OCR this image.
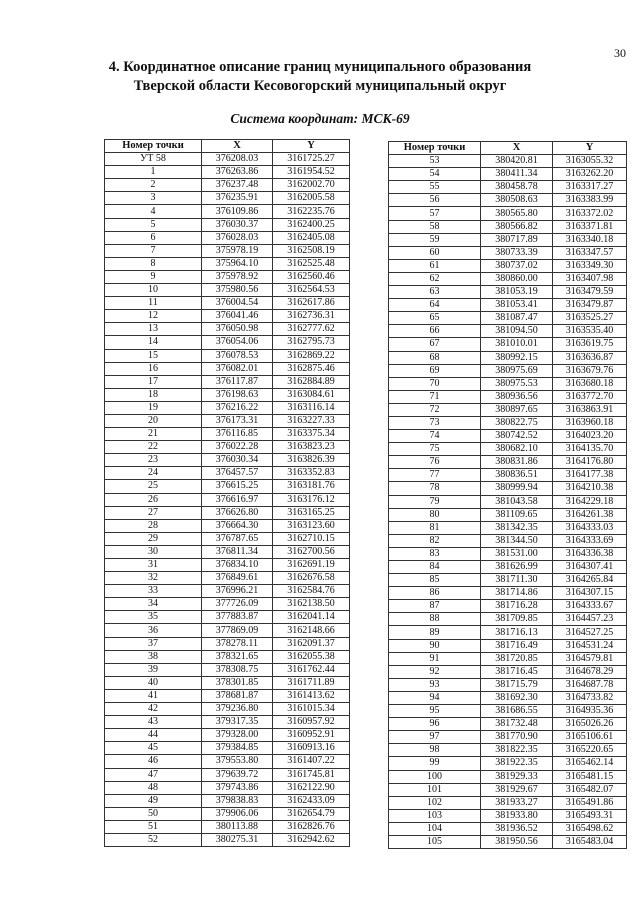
30
4. Координатное описание границ муниципального образования
Тверской области Кесовогорский муниципальный округ
Система координат: МСК-69
Номер точки	X	Y
УТ 58	376208.03	3161725.27
1	376263.86	3161954.52
2	376237.48	3162002.70
3	376235.91	3162005.58
4	376109.86	3162235.76
5	376030.37	3162400.25
6	376028.03	3162405.08
7	375978.19	3162508.19
8	375964.10	3162525.48
9	375978.92	3162560.46
10	375980.56	3162564.53
11	376004.54	3162617.86
12	376041.46	3162736.31
13	376050.98	3162777.62
14	376054.06	3162795.73
15	376078.53	3162869.22
16	376082.01	3162875.46
17	376117.87	3162884.89
18	376198.63	3163084.61
19	376216.22	3163116.14
20	376173.31	3163227.33
21	376116.85	3163375.34
22	376022.28	3163823.23
23	376030.34	3163826.39
24	376457.57	3163352.83
25	376615.25	3163181.76
26	376616.97	3163176.12
27	376626.80	3163165.25
28	376664.30	3163123.60
29	376787.65	3162710.15
30	376811.34	3162700.56
31	376834.10	3162691.19
32	376849.61	3162676.58
33	376996.21	3162584.76
34	377726.09	3162138.50
35	377883.87	3162041.14
36	377869.09	3162148.66
37	378278.11	3162091.37
38	378321.65	3162055.38
39	378308.75	3161762.44
40	378301.85	3161711.89
41	378681.87	3161413.62
42	379236.80	3161015.34
43	379317.35	3160957.92
44	379328.00	3160952.91
45	379384.85	3160913.16
46	379553.80	3161407.22
47	379639.72	3161745.81
48	379743.86	3162122.90
49	379838.83	3162433.09
50	379906.06	3162654.79
51	380113.88	3162826.76
52	380275.31	3162942.62
Номер точки	X	Y
53	380420.81	3163055.32
54	380411.34	3163262.20
55	380458.78	3163317.27
56	380508.63	3163383.99
57	380565.80	3163372.02
58	380566.82	3163371.81
59	380717.89	3163340.18
60	380733.39	3163347.57
61	380737.02	3163349.30
62	380860.00	3163407.98
63	381053.19	3163479.59
64	381053.41	3163479.87
65	381087.47	3163525.27
66	381094.50	3163535.40
67	381010.01	3163619.75
68	380992.15	3163636.87
69	380975.69	3163679.76
70	380975.53	3163680.18
71	380936.56	3163772.70
72	380897.65	3163863.91
73	380822.75	3163960.18
74	380742.52	3164023.20
75	380682.10	3164135.70
76	380831.86	3164176.80
77	380836.51	3164177.38
78	380999.94	3164210.38
79	381043.58	3164229.18
80	381109.65	3164261.38
81	381342.35	3164333.03
82	381344.50	3164333.69
83	381531.00	3164336.38
84	381626.99	3164307.41
85	381711.30	3164265.84
86	381714.86	3164307.15
87	381716.28	3164333.67
88	381709.85	3164457.23
89	381716.13	3164527.25
90	381716.49	3164531.24
91	381720.85	3164579.81
92	381716.45	3164678.29
93	381715.79	3164687.78
94	381692.30	3164733.82
95	381686.55	3164935.36
96	381732.48	3165026.26
97	381770.90	3165106.61
98	381822.35	3165220.65
99	381922.35	3165462.14
100	381929.33	3165481.15
101	381929.67	3165482.07
102	381933.27	3165491.86
103	381933.80	3165493.31
104	381936.52	3165498.62
105	381950.56	3165483.04
